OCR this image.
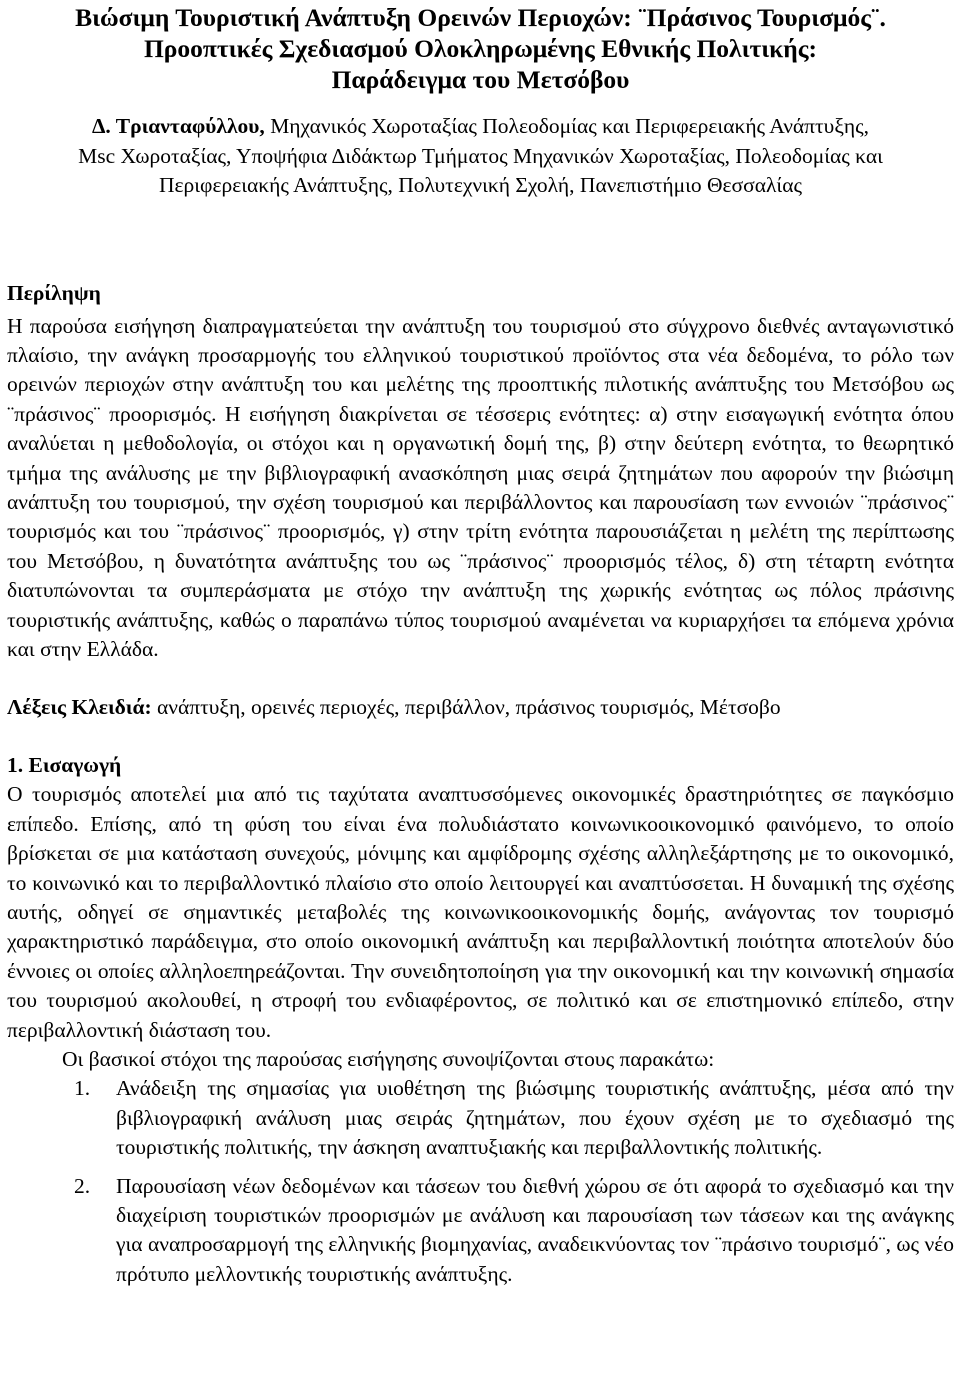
Βιώσιμη Τουριστική Ανάπτυξη Ορεινών Περιοχών: ¨Πράσινος Τουρισμός¨.
Προοπτικές Σχεδιασμού Ολοκληρωμένης Εθνικής Πολιτικής:
Παράδειγμα του Μετσόβου
Δ. Τριανταφύλλου, Μηχανικός Χωροταξίας Πολεοδομίας και Περιφερειακής Ανάπτυξης,
Msc Χωροταξίας, Υποψήφια Διδάκτωρ Τμήματος Μηχανικών Χωροταξίας, Πολεοδομίας και
Περιφερειακής Ανάπτυξης, Πολυτεχνική Σχολή, Πανεπιστήμιο Θεσσαλίας
Περίληψη

Η παρούσα εισήγηση διαπραγματεύεται την ανάπτυξη του τουρισμού στο σύγχρονο διεθνές ανταγωνιστικό πλαίσιο, την ανάγκη προσαρμογής του ελληνικού τουριστικού προϊόντος στα νέα δεδομένα, το ρόλο των ορεινών περιοχών στην ανάπτυξη του και μελέτης της προοπτικής πιλοτικής ανάπτυξης του Μετσόβου ως ¨πράσινος¨ προορισμός. Η εισήγηση διακρίνεται σε τέσσερις ενότητες: α) στην εισαγωγική ενότητα όπου αναλύεται η μεθοδολογία, οι στόχοι και η οργανωτική δομή της, β) στην δεύτερη ενότητα, το θεωρητικό τμήμα της ανάλυσης με την βιβλιογραφική ανασκόπηση μιας σειρά ζητημάτων που αφορούν την βιώσιμη ανάπτυξη του τουρισμού, την σχέση τουρισμού και περιβάλλοντος και παρουσίαση των εννοιών ¨πράσινος¨ τουρισμός και του ¨πράσινος¨ προορισμός, γ) στην τρίτη ενότητα παρουσιάζεται η μελέτη της περίπτωσης του Μετσόβου, η δυνατότητα ανάπτυξης του ως ¨πράσινος¨ προορισμός τέλος, δ) στη τέταρτη ενότητα διατυπώνονται τα συμπεράσματα με στόχο την ανάπτυξη της χωρικής ενότητας ως πόλος πράσινης τουριστικής ανάπτυξης, καθώς ο παραπάνω τύπος τουρισμού αναμένεται να κυριαρχήσει τα επόμενα χρόνια και στην Ελλάδα.

Λέξεις Κλειδιά: ανάπτυξη, ορεινές περιοχές, περιβάλλον, πράσινος τουρισμός, Μέτσοβο
1. Εισαγωγή

Ο τουρισμός αποτελεί μια από τις ταχύτατα αναπτυσσόμενες οικονομικές δραστηριότητες σε παγκόσμιο επίπεδο. Επίσης, από τη φύση του είναι ένα πολυδιάστατο κοινωνικοοικονομικό φαινόμενο, το οποίο βρίσκεται σε μια κατάσταση συνεχούς, μόνιμης και αμφίδρομης σχέσης αλληλεξάρτησης με το οικονομικό, το κοινωνικό και το περιβαλλοντικό πλαίσιο στο οποίο λειτουργεί και αναπτύσσεται. Η δυναμική της σχέσης αυτής, οδηγεί σε σημαντικές μεταβολές της κοινωνικοοικονομικής δομής, ανάγοντας τον τουρισμό χαρακτηριστικό παράδειγμα, στο οποίο οικονομική ανάπτυξη και περιβαλλοντική ποιότητα αποτελούν δύο έννοιες οι οποίες αλληλοεπηρεάζονται. Την συνειδητοποίηση για την οικονομική και την κοινωνική σημασία του τουρισμού ακολουθεί, η στροφή του ενδιαφέροντος, σε πολιτικό και σε επιστημονικό επίπεδο, στην περιβαλλοντική διάσταση του.

Οι βασικοί στόχοι της παρούσας εισήγησης συνοψίζονται στους παρακάτω:

1. Ανάδειξη της σημασίας για υιοθέτηση της βιώσιμης τουριστικής ανάπτυξης, μέσα από την βιβλιογραφική ανάλυση μιας σειράς ζητημάτων, που έχουν σχέση με το σχεδιασμό της τουριστικής πολιτικής, την άσκηση αναπτυξιακής και περιβαλλοντικής πολιτικής.

2. Παρουσίαση νέων δεδομένων και τάσεων του διεθνή χώρου σε ότι αφορά το σχεδιασμό και την διαχείριση τουριστικών προορισμών με ανάλυση και παρουσίαση των τάσεων και της ανάγκης για αναπροσαρμογή της ελληνικής βιομηχανίας, αναδεικνύοντας τον ¨πράσινο τουρισμό¨, ως νέο πρότυπο μελλοντικής τουριστικής ανάπτυξης.
